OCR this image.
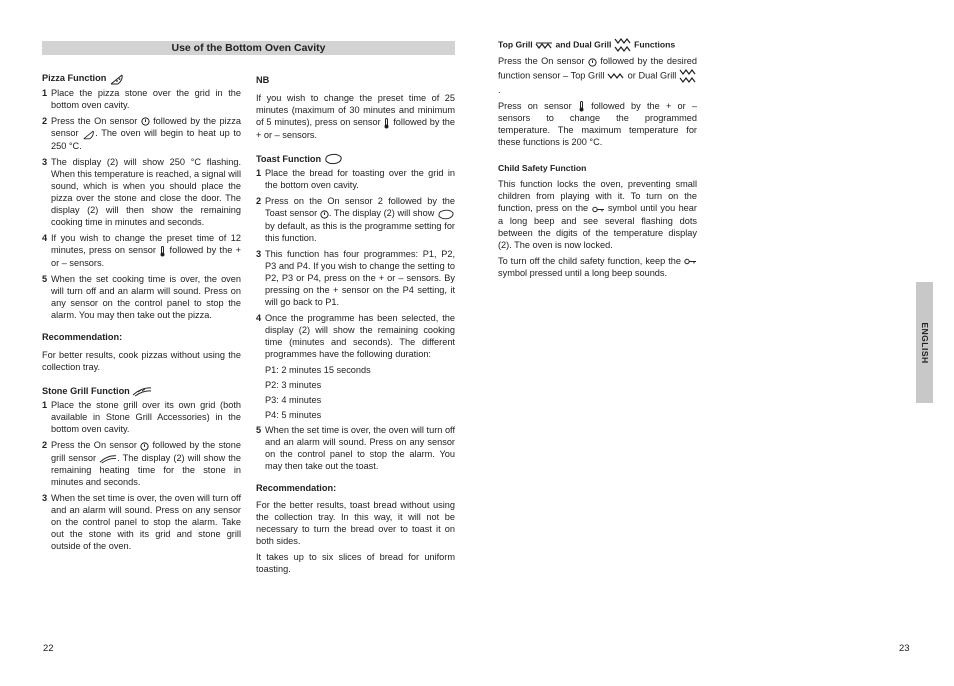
Use of the Bottom Oven Cavity
Pizza Function
1 Place the pizza stone over the grid in the bottom oven cavity.
2 Press the On sensor followed by the pizza sensor . The oven will begin to heat up to 250 °C.
3 The display (2) will show 250 °C flashing. When this temperature is reached, a signal will sound, which is when you should place the pizza over the stone and close the door. The display (2) will then show the remaining cooking time in minutes and seconds.
4 If you wish to change the preset time of 12 minutes, press on sensor followed by the + or – sensors.
5 When the set cooking time is over, the oven will turn off and an alarm will sound. Press on any sensor on the control panel to stop the alarm. You may then take out the pizza.
Recommendation:

For better results, cook pizzas without using the collection tray.

Stone Grill Function
1 Place the stone grill over its own grid (both available in Stone Grill Accessories) in the bottom oven cavity.
2 Press the On sensor followed by the stone grill sensor . The display (2) will show the remaining heating time for the stone in minutes and seconds.
3 When the set time is over, the oven will turn off and an alarm will sound. Press on any sensor on the control panel to stop the alarm. Take out the stone with its grid and stone grill outside of the oven.
NB

If you wish to change the preset time of 25 minutes (maximum of 30 minutes and minimum of 5 minutes), press on sensor followed by the + or – sensors.

Toast Function
1 Place the bread for toasting over the grid in the bottom oven cavity.
2 Press on the On sensor 2 followed by the Toast sensor . The display (2) will show  by default, as this is the programme setting for this function.
3 This function has four programmes: P1, P2, P3 and P4. If you wish to change the setting to P2, P3 or P4, press on the + or – sensors. By pressing on the + sensor on the P4 setting, it will go back to P1.
4 Once the programme has been selected, the display (2) will show the remaining cooking time (minutes and seconds). The different programmes have the following duration:
P1: 2 minutes 15 seconds
P2: 3 minutes
P3: 4 minutes
P4: 5 minutes
5 When the set time is over, the oven will turn off and an alarm will sound. Press on any sensor on the control panel to stop the alarm. You may then take out the toast.
Recommendation:

For the better results, toast bread without using the collection tray. In this way, it will not be necessary to turn the bread over to toast it on both sides.

It takes up to six slices of bread for uniform toasting.

Top Grill	and Dual Grill	Functions

Press the On sensor followed by the desired function sensor – Top Grill	or Dual Grill .

Press on sensor followed by the + or – sensors to change the programmed temperature. The maximum temperature for these functions is 200 °C.

Child Safety Function

This function locks the oven, preventing small children from playing with it. To turn on the function, press on the symbol until you hear a long beep and see several flashing dots between the digits of the temperature display (2). The oven is now locked.

To turn off the child safety function, keep the  symbol pressed until a long beep sounds.

ENGLISH
22	23
